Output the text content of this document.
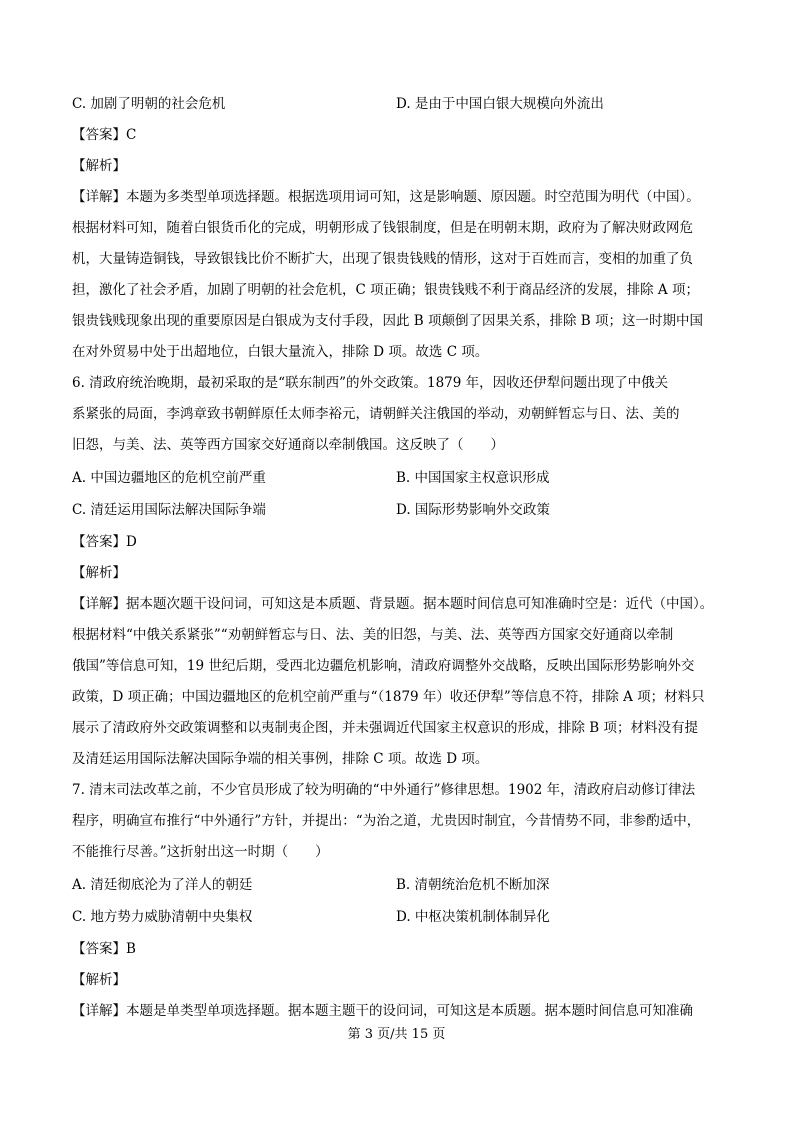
C. 加剧了明朝的社会危机	D. 是由于中国白银大规模向外流出
【答案】C
【解析】
【详解】本题为多类型单项选择题。根据选项用词可知，这是影响题、原因题。时空范围为明代（中国）。
根据材料可知，随着白银货币化的完成，明朝形成了钱银制度，但是在明朝末期，政府为了解决财政网危
机，大量铸造铜钱，导致银钱比价不断扩大，出现了银贵钱贱的情形，这对于百姓而言，变相的加重了负
担，激化了社会矛盾，加剧了明朝的社会危机，C 项正确；银贵钱贱不利于商品经济的发展，排除 A 项；
银贵钱贱现象出现的重要原因是白银成为支付手段，因此 B 项颠倒了因果关系，排除 B 项；这一时期中国
在对外贸易中处于出超地位，白银大量流入，排除 D 项。故选 C 项。
6. 清政府统治晚期，最初采取的是“联东制西”的外交政策。1879 年，因收还伊犁问题出现了中俄关
系紧张的局面，李鸿章致书朝鲜原任太师李裕元，请朝鲜关注俄国的举动，劝朝鲜暂忘与日、法、美的
旧怨，与美、法、英等西方国家交好通商以牵制俄国。这反映了（　　）
A. 中国边疆地区的危机空前严重	B. 中国国家主权意识形成
C. 清廷运用国际法解决国际争端	D. 国际形势影响外交政策
【答案】D
【解析】
【详解】据本题次题干设问词，可知这是本质题、背景题。据本题时间信息可知准确时空是：近代（中国）。
根据材料“中俄关系紧张”“劝朝鲜暂忘与日、法、美的旧怨，与美、法、英等西方国家交好通商以牵制
俄国”等信息可知，19 世纪后期，受西北边疆危机影响，清政府调整外交战略，反映出国际形势影响外交
政策，D 项正确；中国边疆地区的危机空前严重与“（1879 年）收还伊犁”等信息不符，排除 A 项；材料只
展示了清政府外交政策调整和以夷制夷企图，并未强调近代国家主权意识的形成，排除 B 项；材料没有提
及清廷运用国际法解决国际争端的相关事例，排除 C 项。故选 D 项。
7. 清末司法改革之前，不少官员形成了较为明确的“中外通行”修律思想。1902 年，清政府启动修订律法
程序，明确宣布推行“中外通行”方针，并提出：“为治之道，尤贵因时制宜，今昔情势不同，非参酌适中，
不能推行尽善。”这折射出这一时期（　　）
A. 清廷彻底沦为了洋人的朝廷	B. 清朝统治危机不断加深
C. 地方势力威胁清朝中央集权	D. 中枢决策机制体制异化
【答案】B
【解析】
【详解】本题是单类型单项选择题。据本题主题干的设问词，可知这是本质题。据本题时间信息可知准确
第 3 页/共 15 页
